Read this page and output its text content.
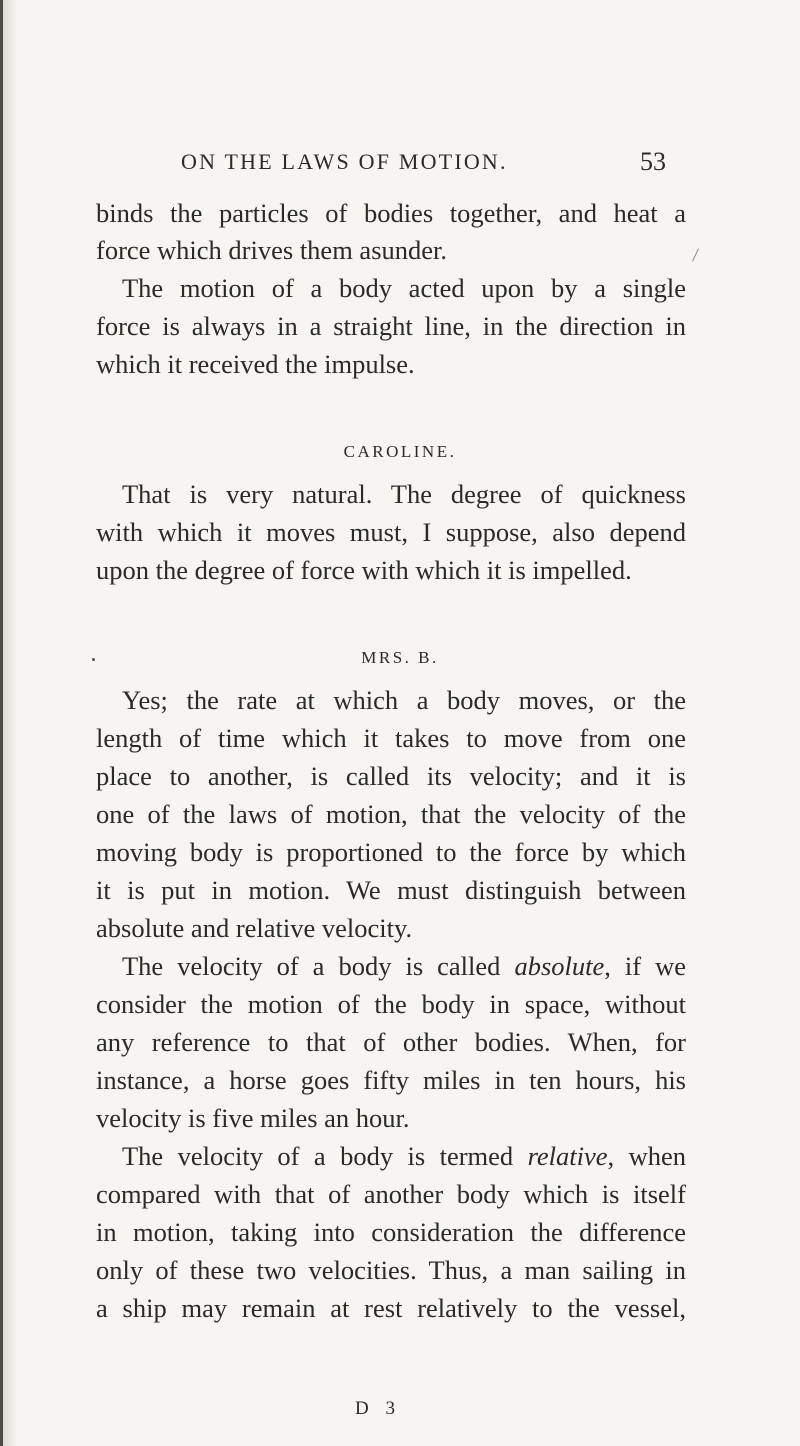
ON THE LAWS OF MOTION.	53
binds the particles of bodies together, and heat a
force which drives them asunder.
The motion of a body acted upon by a single
force is always in a straight line, in the direction in
which it received the impulse.
CAROLINE.
That is very natural. The degree of quickness
with which it moves must, I suppose, also depend
upon the degree of force with which it is impelled.
MRS. B.
Yes; the rate at which a body moves, or the
length of time which it takes to move from one
place to another, is called its velocity; and it is
one of the laws of motion, that the velocity of the
moving body is proportioned to the force by which
it is put in motion. We must distinguish between
absolute and relative velocity.
The velocity of a body is called absolute, if we
consider the motion of the body in space, without
any reference to that of other bodies. When, for
instance, a horse goes fifty miles in ten hours, his
velocity is five miles an hour.
The velocity of a body is termed relative, when
compared with that of another body which is itself
in motion, taking into consideration the difference
only of these two velocities. Thus, a man sailing in
a ship may remain at rest relatively to the vessel,
D 3
